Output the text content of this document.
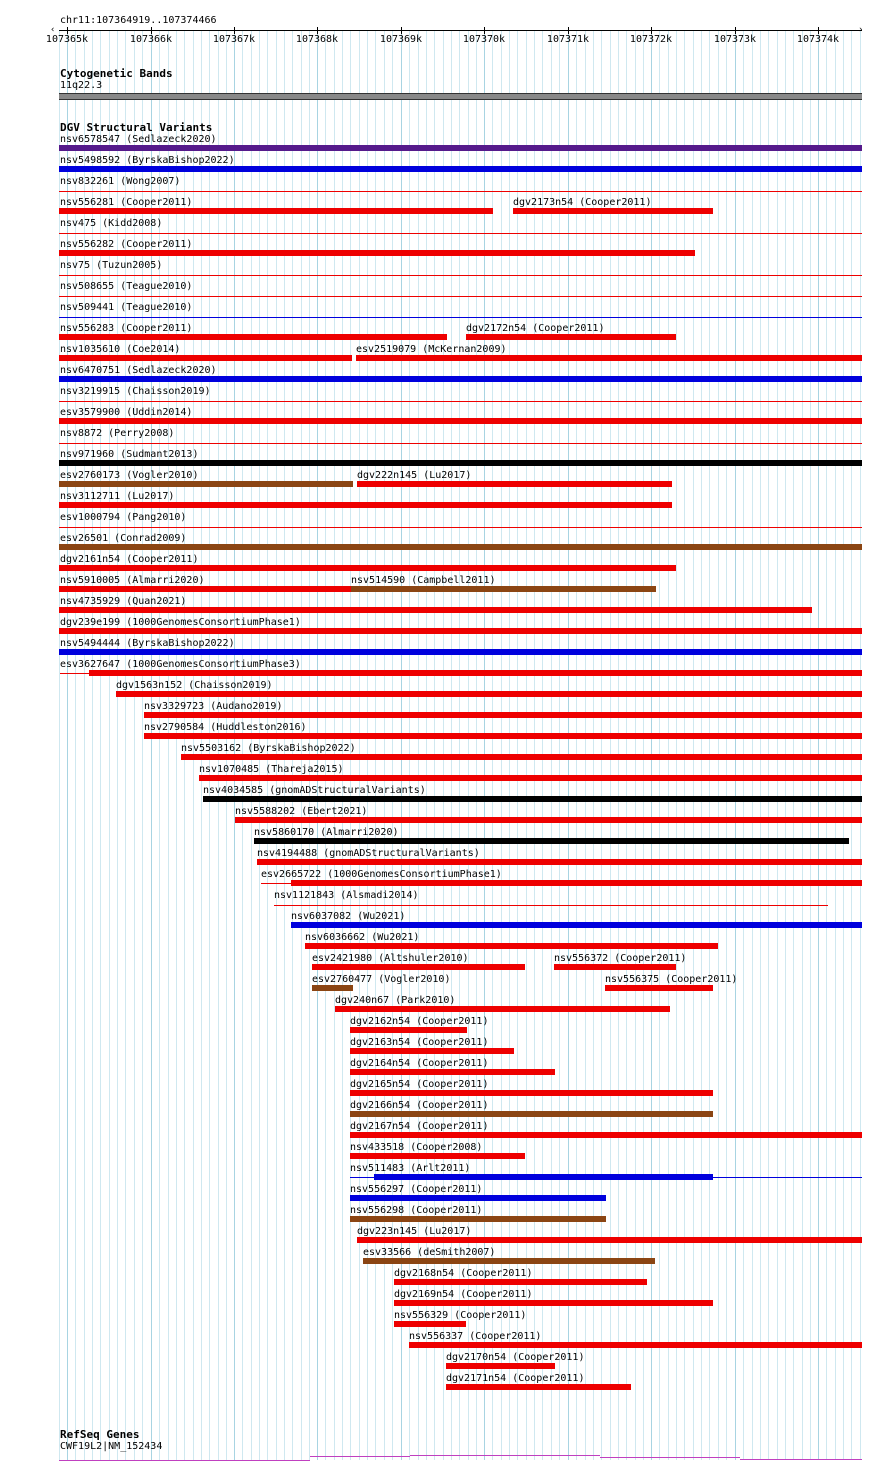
chr11:107364919..107374466
‹	›
107365k	107366k	107367k	107368k	107369k	107370k	107371k	107372k	107373k	107374k
Cytogenetic Bands
11q22.3
DGV Structural Variants
nsv6578547 (Sedlazeck2020)
nsv5498592 (ByrskaBishop2022)
nsv832261 (Wong2007)
nsv556281 (Cooper2011)	dgv2173n54 (Cooper2011)
nsv475 (Kidd2008)
nsv556282 (Cooper2011)
nsv75 (Tuzun2005)
nsv508655 (Teague2010)
nsv509441 (Teague2010)
nsv556283 (Cooper2011)	dgv2172n54 (Cooper2011)
nsv1035610 (Coe2014)	esv2519079 (McKernan2009)
nsv6470751 (Sedlazeck2020)
nsv3219915 (Chaisson2019)
esv3579900 (Uddin2014)
nsv8872 (Perry2008)
nsv971960 (Sudmant2013)
esv2760173 (Vogler2010)	dgv222n145 (Lu2017)
nsv3112711 (Lu2017)
esv1000794 (Pang2010)
esv26501 (Conrad2009)
dgv2161n54 (Cooper2011)
nsv5910005 (Almarri2020)	nsv514590 (Campbell2011)
nsv4735929 (Quan2021)
dgv239e199 (1000GenomesConsortiumPhase1)
nsv5494444 (ByrskaBishop2022)
esv3627647 (1000GenomesConsortiumPhase3)
dgv1563n152 (Chaisson2019)
nsv3329723 (Audano2019)
nsv2790584 (Huddleston2016)
nsv5503162 (ByrskaBishop2022)
nsv1070485 (Thareja2015)
nsv4034585 (gnomADStructuralVariants)
nsv5588202 (Ebert2021)
nsv5860170 (Almarri2020)
nsv4194488 (gnomADStructuralVariants)
esv2665722 (1000GenomesConsortiumPhase1)
nsv1121843 (Alsmadi2014)
nsv6037082 (Wu2021)
nsv6036662 (Wu2021)
esv2421980 (Altshuler2010)	nsv556372 (Cooper2011)
esv2760477 (Vogler2010)	nsv556375 (Cooper2011)
dgv240n67 (Park2010)
dgv2162n54 (Cooper2011)
dgv2163n54 (Cooper2011)
dgv2164n54 (Cooper2011)
dgv2165n54 (Cooper2011)
dgv2166n54 (Cooper2011)
dgv2167n54 (Cooper2011)
nsv433518 (Cooper2008)
nsv511483 (Arlt2011)
nsv556297 (Cooper2011)
nsv556298 (Cooper2011)
dgv223n145 (Lu2017)
esv33566 (deSmith2007)
dgv2168n54 (Cooper2011)
dgv2169n54 (Cooper2011)
nsv556329 (Cooper2011)
nsv556337 (Cooper2011)
dgv2170n54 (Cooper2011)
dgv2171n54 (Cooper2011)
RefSeq Genes
CWF19L2|NM_152434
